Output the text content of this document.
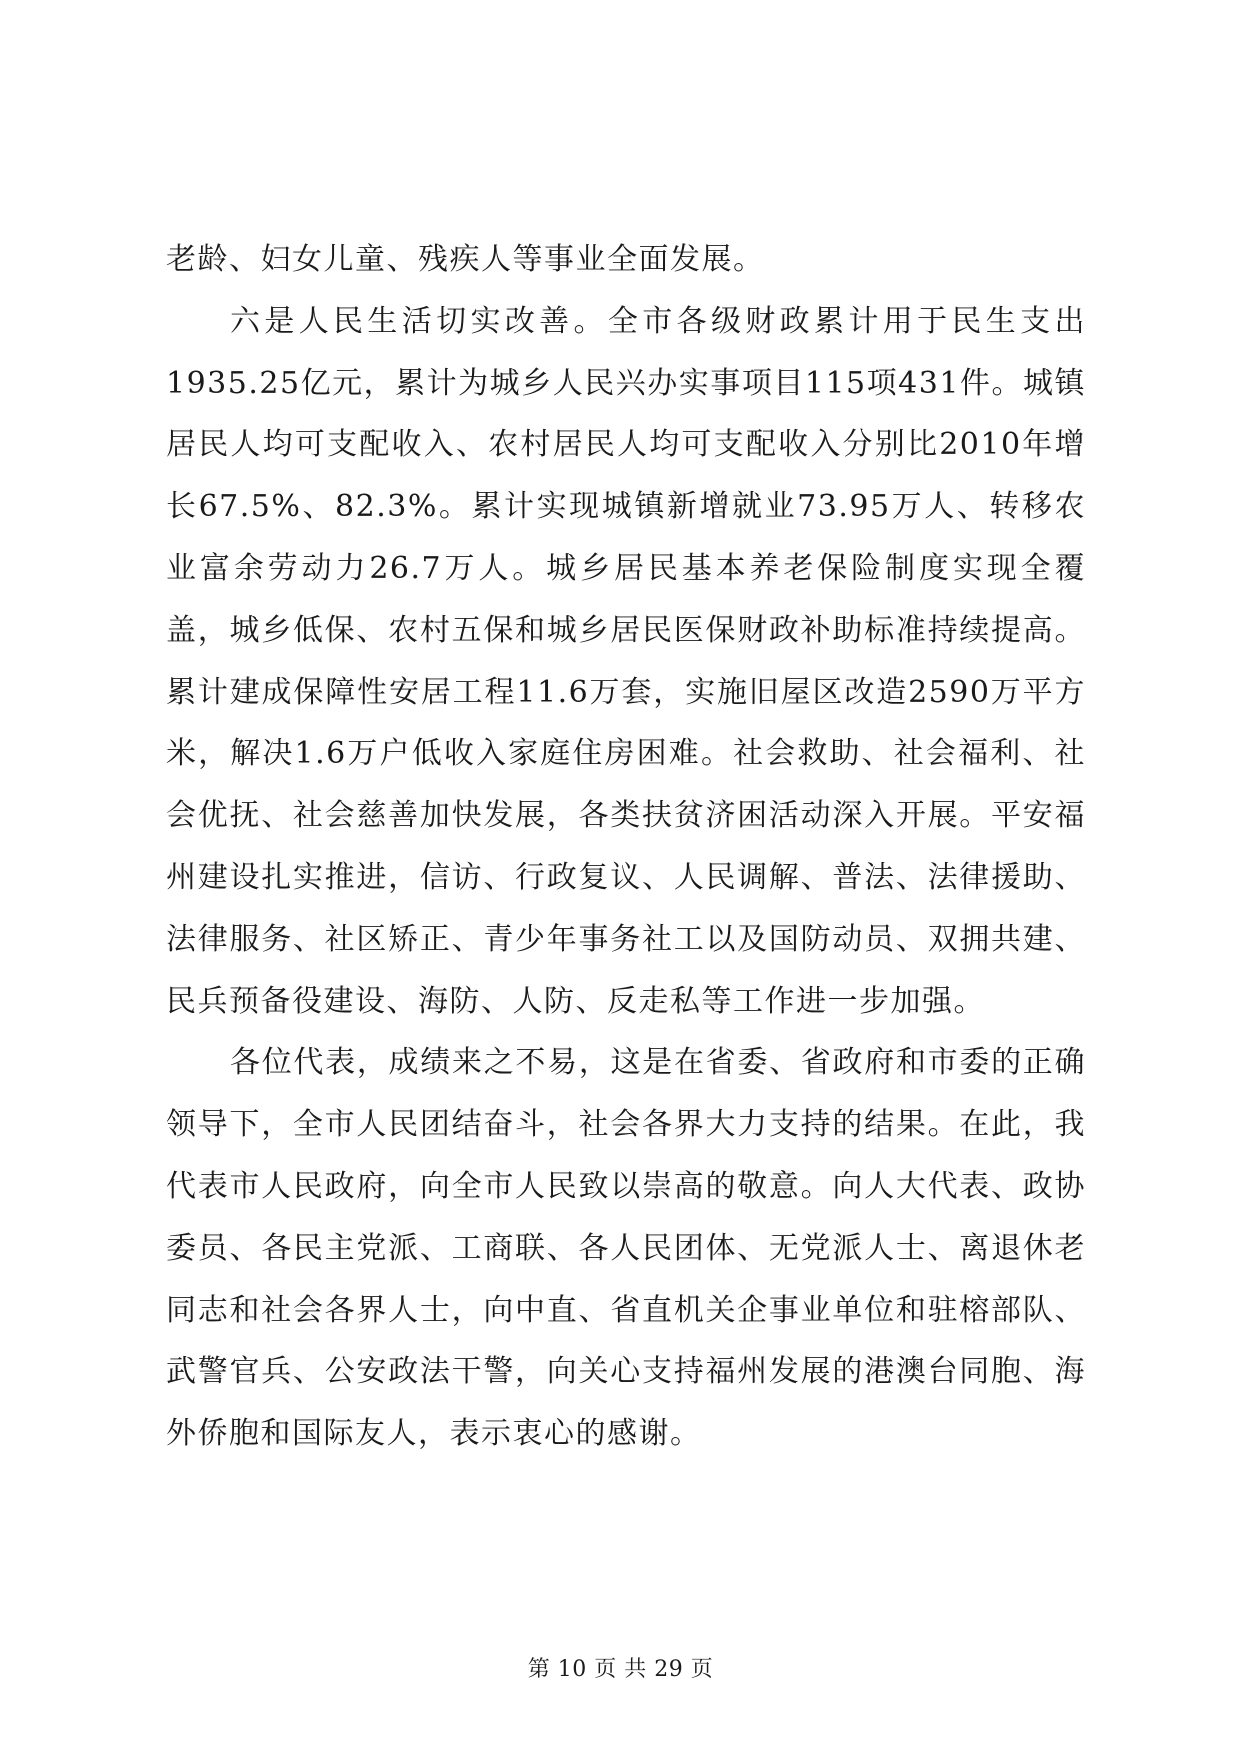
老龄、妇女儿童、残疾人等事业全面发展。

六是人民生活切实改善。全市各级财政累计用于民生支出1935.25亿元，累计为城乡人民兴办实事项目115项431件。城镇居民人均可支配收入、农村居民人均可支配收入分别比2010年增长67.5%、82.3%。累计实现城镇新增就业73.95万人、转移农业富余劳动力26.7万人。城乡居民基本养老保险制度实现全覆盖，城乡低保、农村五保和城乡居民医保财政补助标准持续提高。累计建成保障性安居工程11.6万套，实施旧屋区改造2590万平方米，解决1.6万户低收入家庭住房困难。社会救助、社会福利、社会优抚、社会慈善加快发展，各类扶贫济困活动深入开展。平安福州建设扎实推进，信访、行政复议、人民调解、普法、法律援助、法律服务、社区矫正、青少年事务社工以及国防动员、双拥共建、民兵预备役建设、海防、人防、反走私等工作进一步加强。

各位代表，成绩来之不易，这是在省委、省政府和市委的正确领导下，全市人民团结奋斗，社会各界大力支持的结果。在此，我代表市人民政府，向全市人民致以崇高的敬意。向人大代表、政协委员、各民主党派、工商联、各人民团体、无党派人士、离退休老同志和社会各界人士，向中直、省直机关企事业单位和驻榕部队、武警官兵、公安政法干警，向关心支持福州发展的港澳台同胞、海外侨胞和国际友人，表示衷心的感谢。

第 10 页 共 29 页
